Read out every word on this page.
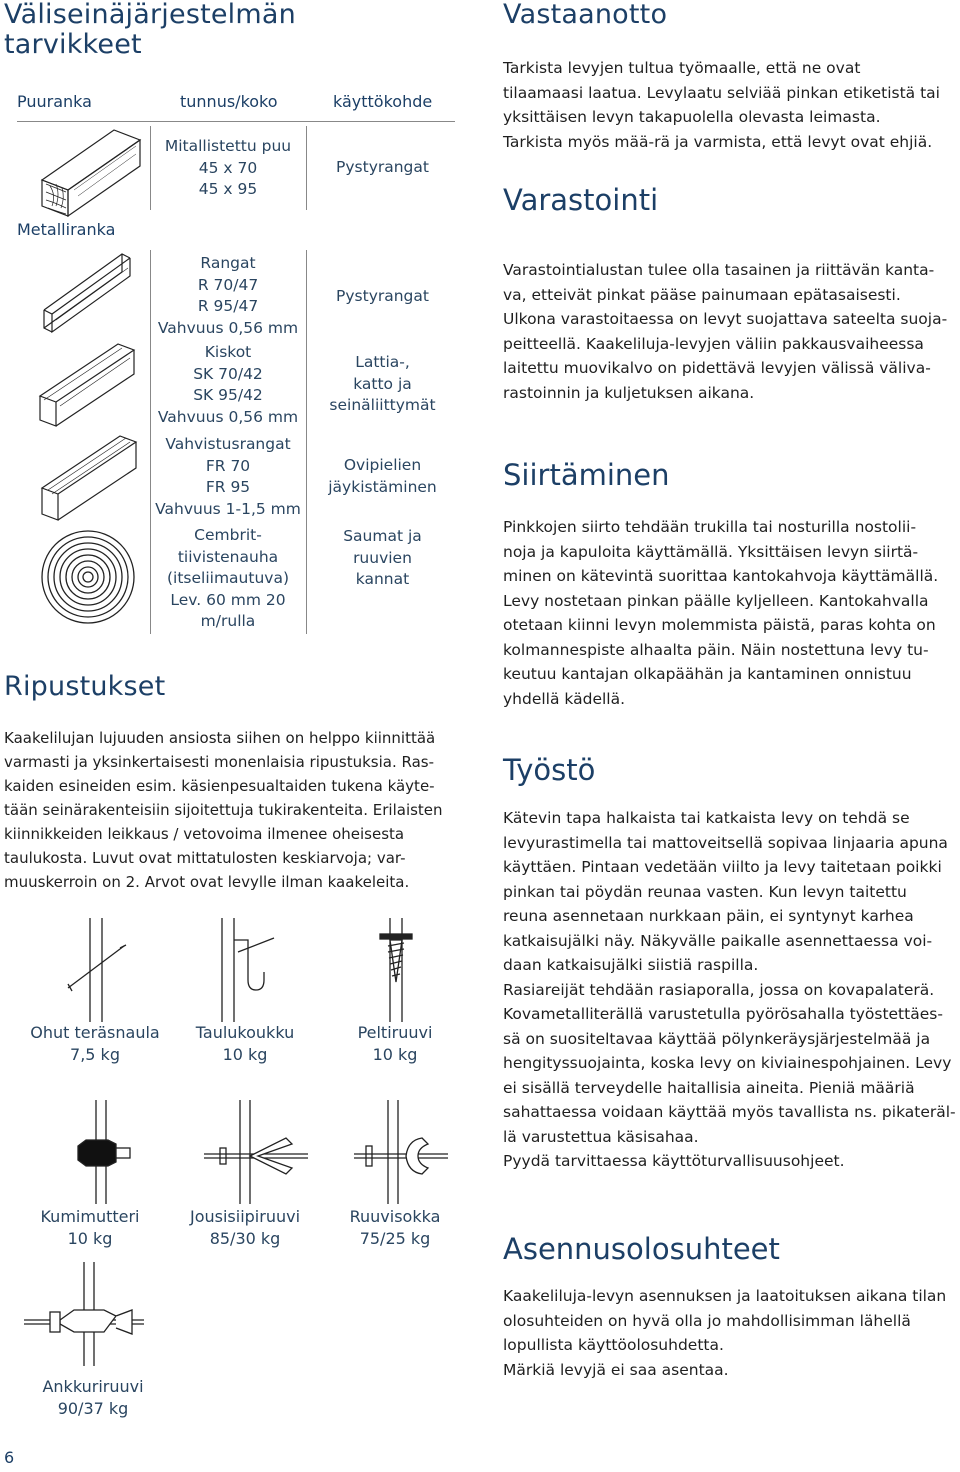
Väliseinäjärjestelmän
tarvikkeet
Puuranka	tunnus/koko	käyttökohde
Mitallistettu puu
45 x 70
45 x 95
Pystyrangat
Metalliranka
Rangat
R 70/47
R 95/47
Vahvuus 0,56 mm
Kiskot
SK 70/42
SK 95/42
Vahvuus 0,56 mm
Vahvistusrangat
FR 70
FR 95
Vahvuus 1-1,5 mm
Cembrit-
tiivistenauha
(itseliimautuva)
Lev. 60 mm 20
m/rulla
Pystyrangat
Lattia-,
katto ja
seinäliittymät
Ovipielien
jäykistäminen
Saumat ja
ruuvien
kannat
Ripustukset
Kaakelilujan lujuuden ansiosta siihen on helppo kiinnittää
varmasti ja yksinkertaisesti monenlaisia ripustuksia. Ras-
kaiden esineiden esim. käsienpesualtaiden tukena käyte-
tään seinärakenteisiin sijoitettuja tukirakenteita. Erilaisten
kiinnikkeiden leikkaus / vetovoima ilmenee oheisesta
taulukosta. Luvut ovat mittatulosten keskiarvoja; var-
muuskerroin on 2. Arvot ovat levylle ilman kaakeleita.
Ohut teräsnaula
7,5 kg
Taulukoukku
10 kg
Peltiruuvi
10 kg
Kumimutteri
10 kg
Jousisiipiruuvi
85/30 kg
Ruuvisokka
75/25 kg
Ankkuriruuvi
90/37 kg
6
Vastaanotto
Tarkista levyjen tultua työmaalle, että ne ovat
tilaamaasi laatua. Levylaatu selviää pinkan etiketistä tai
yksittäisen levyn takapuolella olevasta leimasta.
Tarkista myös mää-rä ja varmista, että levyt ovat ehjiä.
Varastointi
Varastointialustan tulee olla tasainen ja riittävän kanta-
va, etteivät pinkat pääse painumaan epätasaisesti.
Ulkona varastoitaessa on levyt suojattava sateelta suoja-
peitteellä. Kaakeliluja-levyjen väliin pakkausvaiheessa
laitettu muovikalvo on pidettävä levyjen välissä väliva-
rastoinnin ja kuljetuksen aikana.
Siirtäminen
Pinkkojen siirto tehdään trukilla tai nosturilla nostolii-
noja ja kapuloita käyttämällä. Yksittäisen levyn siirtä-
minen on kätevintä suorittaa kantokahvoja käyttämällä.
Levy nostetaan pinkan päälle kyljelleen. Kantokahvalla
otetaan kiinni levyn molemmista päistä, paras kohta on
kolmannespiste alhaalta päin. Näin nostettuna levy tu-
keutuu kantajan olkapäähän ja kantaminen onnistuu
yhdellä kädellä.
Työstö
Kätevin tapa halkaista tai katkaista levy on tehdä se
levyurastimella tai mattoveitsellä sopivaa linjaaria apuna
käyttäen. Pintaan vedetään viilto ja levy taitetaan poikki
pinkan tai pöydän reunaa vasten. Kun levyn taitettu
reuna asennetaan nurkkaan päin, ei syntynyt karhea
katkaisujälki näy. Näkyvälle paikalle asennettaessa voi-
daan katkaisujälki siistiä raspilla.
Rasiareijät tehdään rasiaporalla, jossa on kovapalaterä.
Kovametalliterällä varustetulla pyörösahalla työstettäes-
sä on suositeltavaa käyttää pölynkeräysjärjestelmää ja
hengityssuojainta, koska levy on kiviainespohjainen. Levy
ei sisällä terveydelle haitallisia aineita. Pieniä määriä
sahattaessa voidaan käyttää myös tavallista ns. pikateräl-
lä varustettua käsisahaa.
Pyydä tarvittaessa käyttöturvallisuusohjeet.
Asennusolosuhteet
Kaakeliluja-levyn asennuksen ja laatoituksen aikana tilan
olosuhteiden on hyvä olla jo mahdollisimman lähellä
lopullista käyttöolosuhdetta.
Märkiä levyjä ei saa asentaa.
